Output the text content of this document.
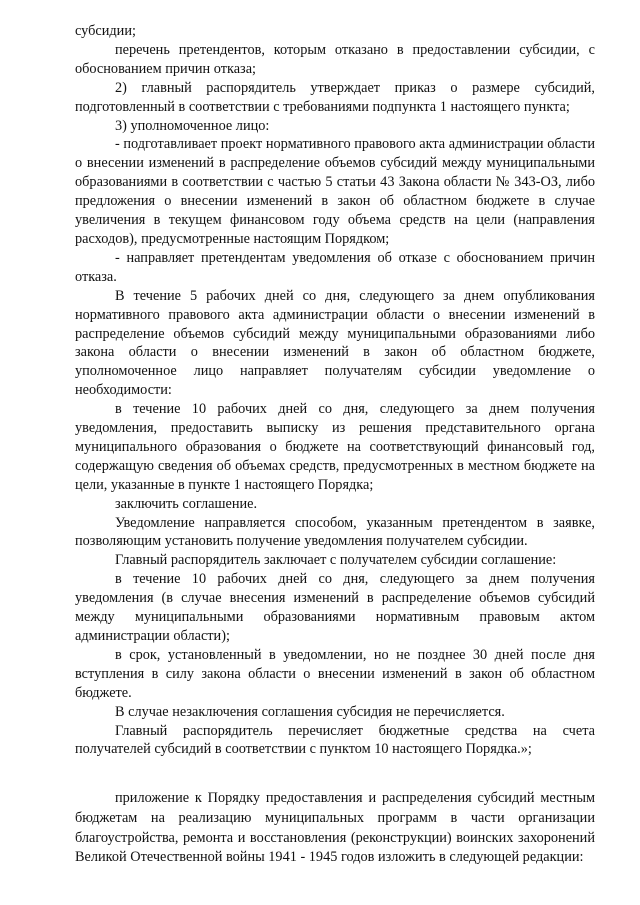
субсидии;

перечень претендентов, которым отказано в предоставлении субсидии, с обоснованием причин отказа;

2) главный распорядитель утверждает приказ о размере субсидий, подготовленный в соответствии с требованиями подпункта 1 настоящего пункта;

3) уполномоченное лицо:

- подготавливает проект нормативного правового акта администрации области о внесении изменений в распределение объемов субсидий между муниципальными образованиями в соответствии с частью 5 статьи 43 Закона области № 343-ОЗ, либо предложения о внесении изменений в закон об областном бюджете в случае увеличения в текущем финансовом году объема средств на цели (направления расходов), предусмотренные настоящим Порядком;

- направляет претендентам уведомления об отказе с обоснованием причин отказа.

В течение 5 рабочих дней со дня, следующего за днем опубликования нормативного правового акта администрации области о внесении изменений в распределение объемов субсидий между муниципальными образованиями либо закона области о внесении изменений в закон об областном бюджете, уполномоченное лицо направляет получателям субсидии уведомление о необходимости:

в течение 10 рабочих дней со дня, следующего за днем получения уведомления, предоставить выписку из решения представительного органа муниципального образования о бюджете на соответствующий финансовый год, содержащую сведения об объемах средств, предусмотренных в местном бюджете на цели, указанные в пункте 1 настоящего Порядка;

заключить соглашение.

Уведомление направляется способом, указанным претендентом в заявке, позволяющим установить получение уведомления получателем субсидии.

Главный распорядитель заключает с получателем субсидии соглашение:

в течение 10 рабочих дней со дня, следующего за днем получения уведомления (в случае внесения изменений в распределение объемов субсидий между муниципальными образованиями нормативным правовым актом администрации области);

в срок, установленный в уведомлении, но не позднее 30 дней после дня вступления в силу закона области о внесении изменений в закон об областном бюджете.

В случае незаключения соглашения субсидия не перечисляется.

Главный распорядитель перечисляет бюджетные средства на счета получателей субсидий в соответствии с пунктом 10 настоящего Порядка.»;

приложение к Порядку предоставления и распределения субсидий местным бюджетам на реализацию муниципальных программ в части организации благоустройства, ремонта и восстановления (реконструкции) воинских захоронений Великой Отечественной войны 1941 - 1945 годов изложить в следующей редакции:
